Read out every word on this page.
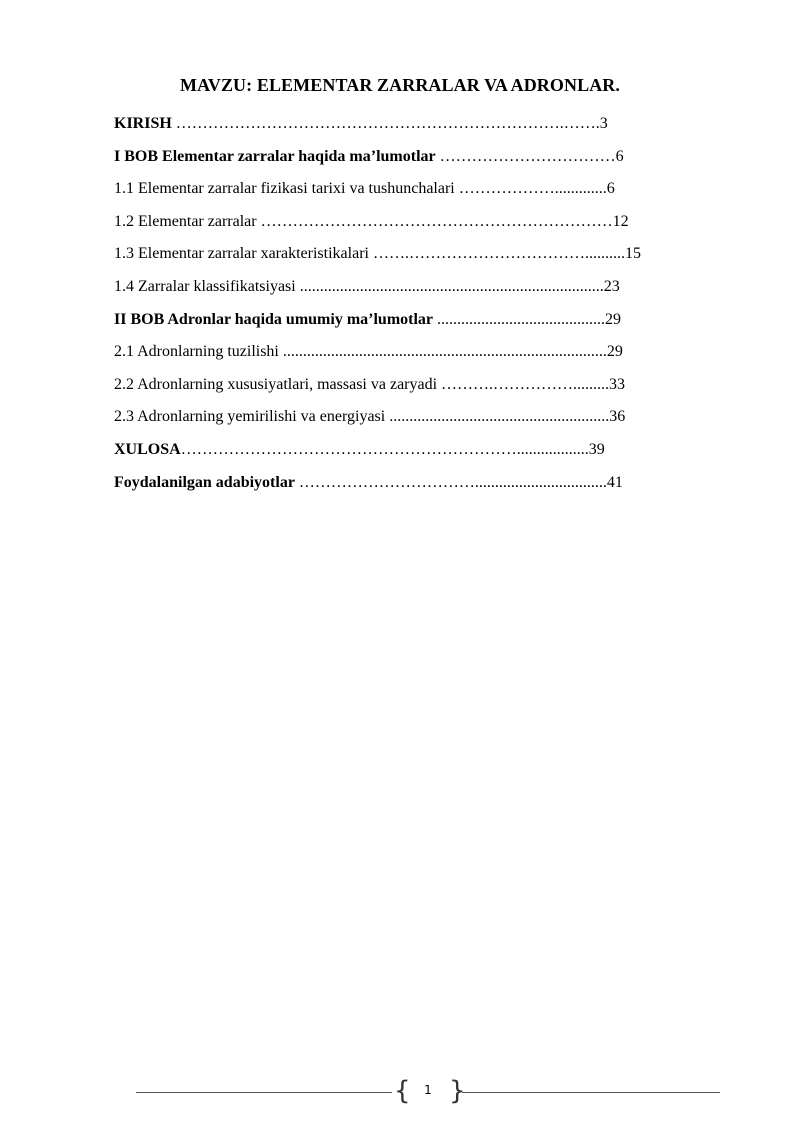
MAVZU: ELEMENTAR ZARRALAR VA ADRONLAR.
KIRISH ……………………………………………………………….…….3
I BOB Elementar zarralar haqida ma’lumotlar ……………………………6
1.1 Elementar zarralar fizikasi tarixi va tushunchalari ……………….............6
1.2 Elementar zarralar …………………………………………………………12
1.3 Elementar zarralar xarakteristikalari …….……………………………..........15
1.4 Zarralar klassifikatsiyasi ............................................................................23
II BOB Adronlar haqida umumiy ma’lumotlar ..........................................29
2.1 Adronlarning tuzilishi .................................................................................29
2.2 Adronlarning xususiyatlari, massasi va zaryadi ……….…………….........33
2.3 Adronlarning yemirilishi va energiyasi .......................................................36
XULOSA………………………………………………………..................39
Foydalanilgan adabiyotlar …………………………….................................41
{	1 }
